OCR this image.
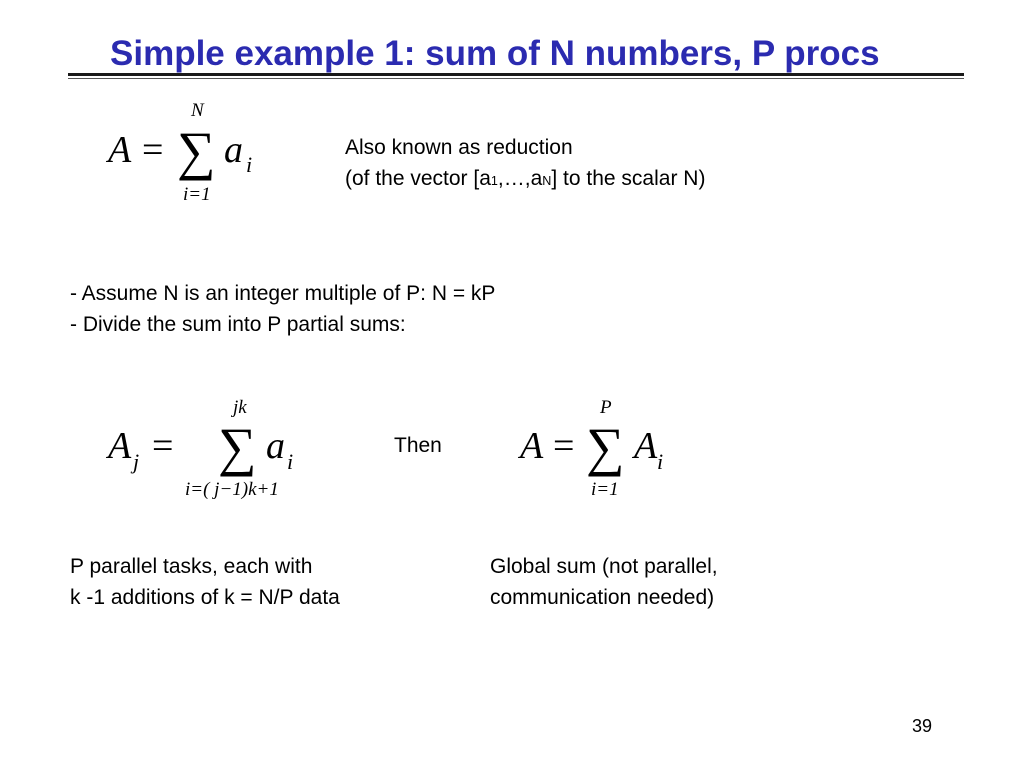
Simple example 1: sum of N numbers, P procs
A = ∑
N
i=1
a i
Also known as reduction
(of the vector [a1,…,aN] to the scalar N)
- Assume N is an integer multiple of P: N = kP
- Divide the sum into P partial sums:
A j = ∑
jk
i=( j−1)k+1
a i
Then A = ∑
P
i=1
A i
P parallel tasks, each with
k -1 additions of k = N/P data
Global sum (not parallel,
communication needed)
39
